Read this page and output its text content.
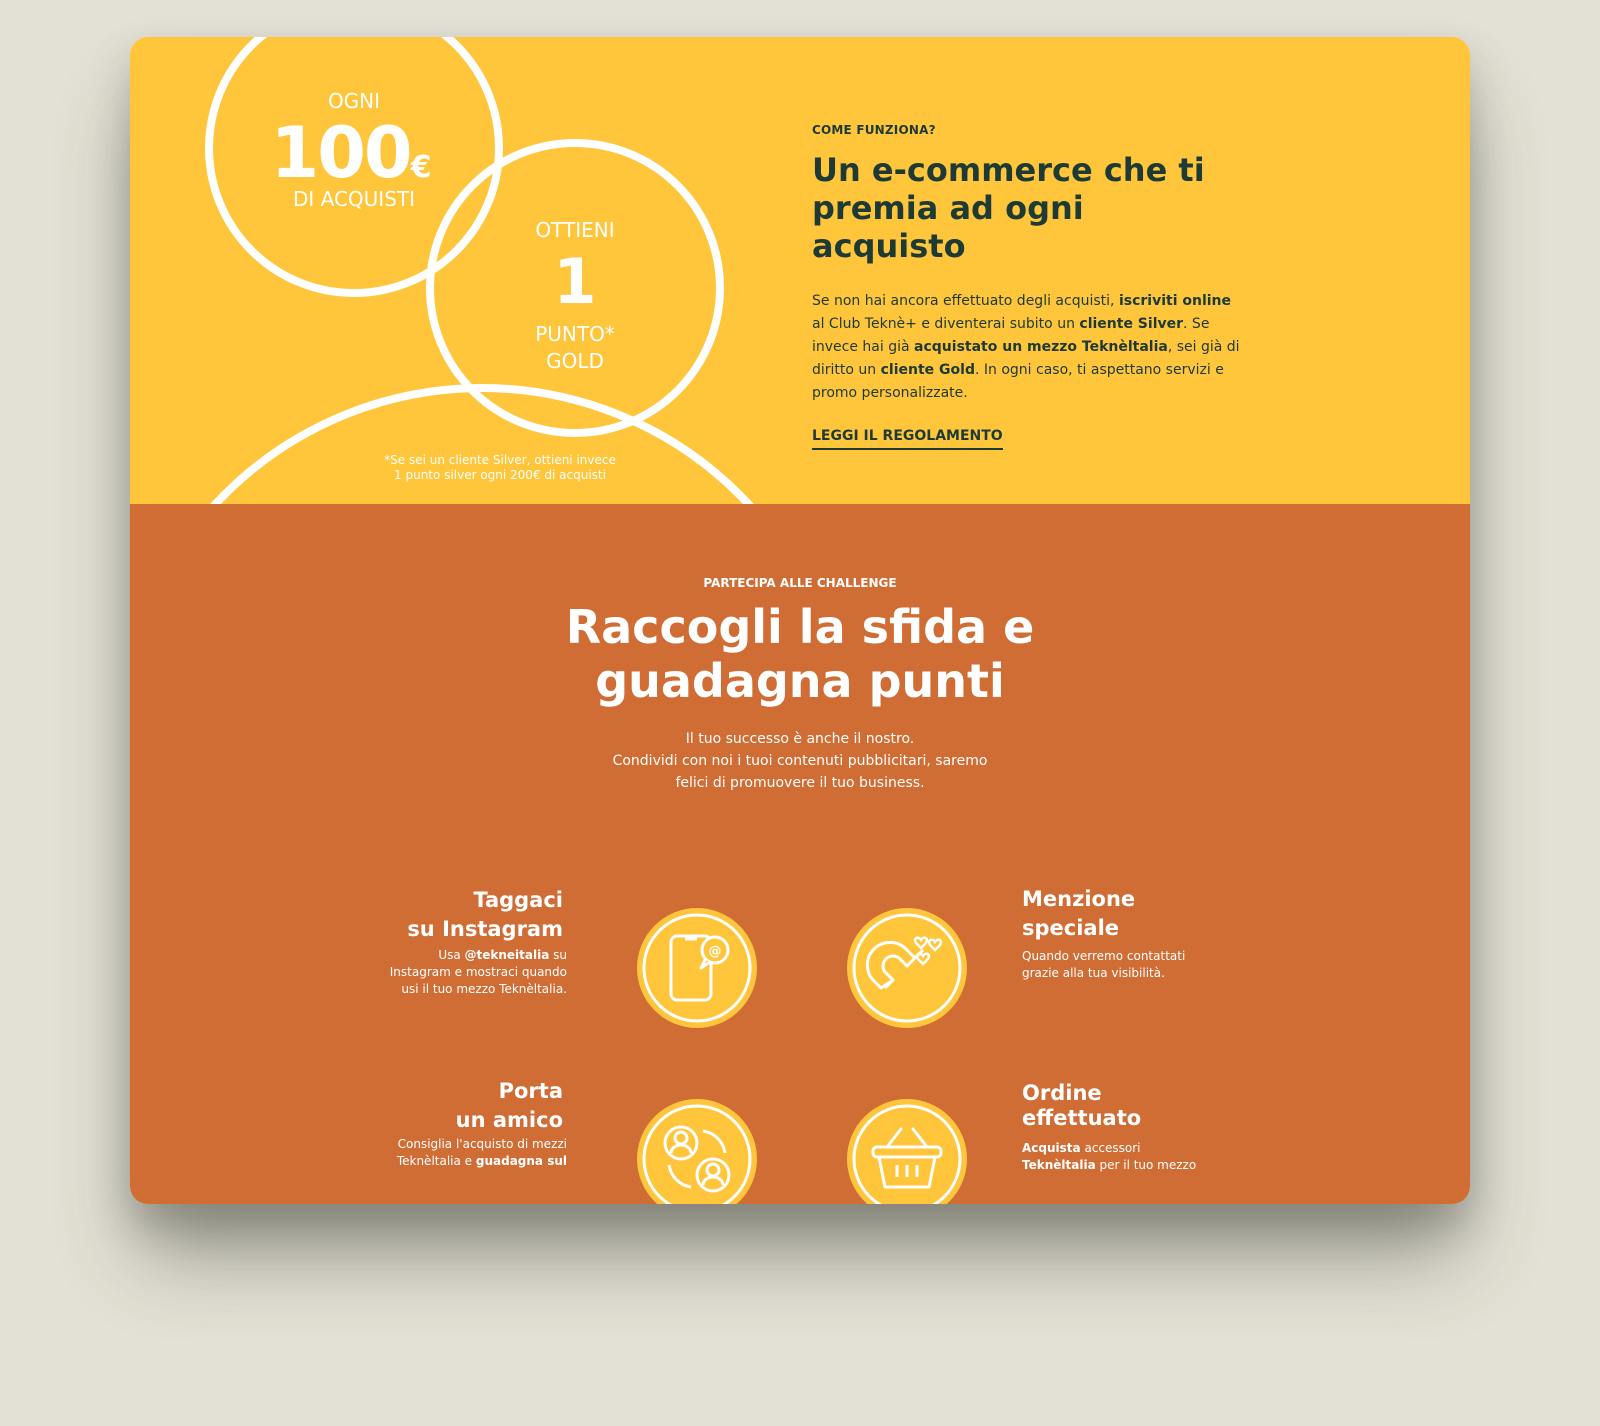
OGNI
100€
DI ACQUISTI
OTTIENI
1
PUNTO*
GOLD
*Se sei un cliente Silver, ottieni invece
1 punto silver ogni 200€ di acquisti
COME FUNZIONA?
Un e-commerce che ti premia ad ogni acquisto

Se non hai ancora effettuato degli acquisti, iscriviti online al Club Teknè+ e diventerai subito un cliente Silver. Se invece hai già acquistato un mezzo Teknèltalia, sei già di diritto un cliente Gold. In ogni caso, ti aspettano servizi e promo personalizzate.

LEGGI IL REGOLAMENTO
PARTECIPA ALLE CHALLENGE
Raccogli la sfida e
guadagna punti

Il tuo successo è anche il nostro.
Condividi con noi i tuoi contenuti pubblicitari, saremo
felici di promuovere il tuo business.

Taggaci
su Instagram
Usa @tekneitalia su
Instagram e mostraci quando
usi il tuo mezzo Teknèltalia.
@
Menzione
speciale
Quando verremo contattati
grazie alla tua visibilità.
Porta
un amico
Consiglia l'acquisto di mezzi
Teknèltalia e guadagna sul
Ordine
effettuato
Acquista accessori
Teknèltalia per il tuo mezzo
